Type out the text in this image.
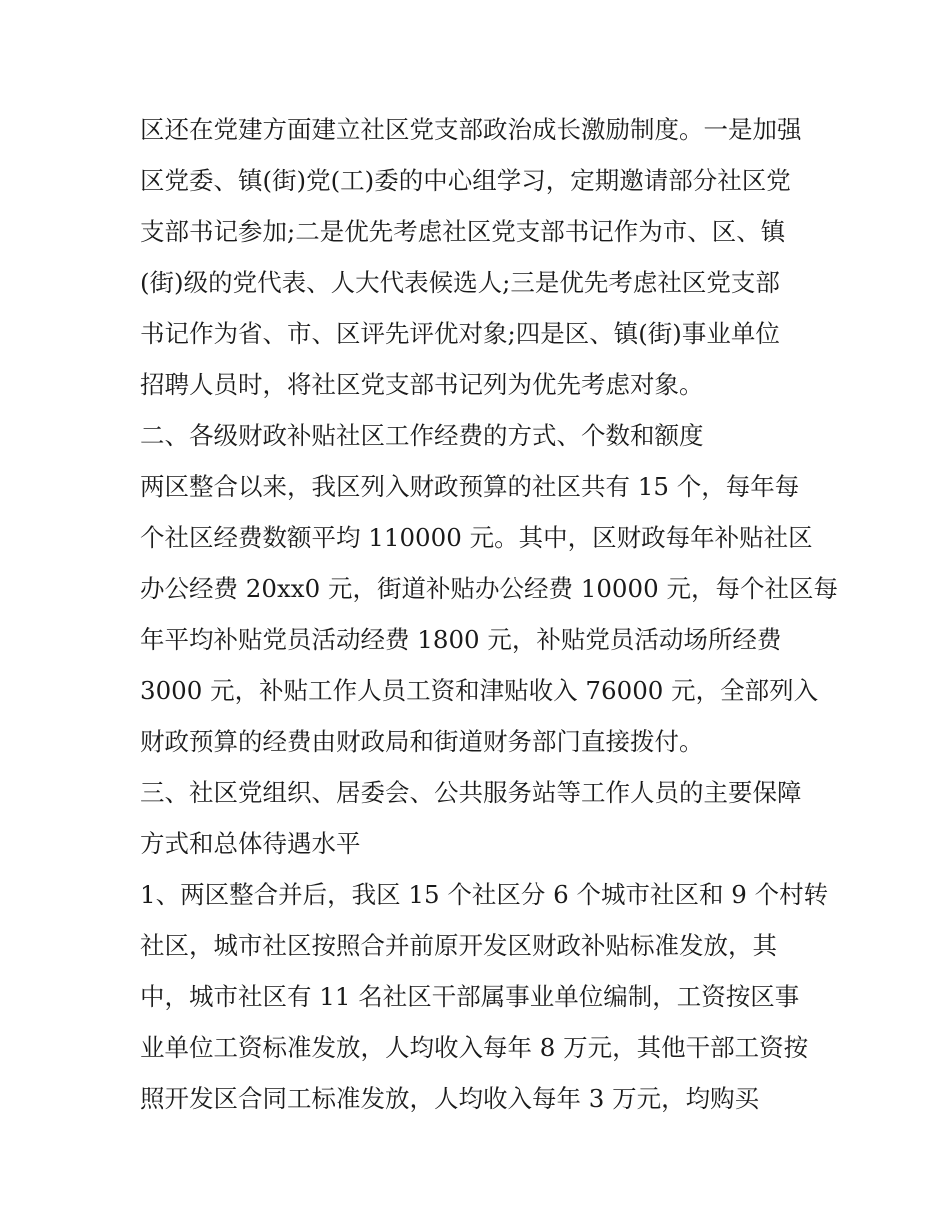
区还在党建方面建立社区党支部政治成长激励制度。一是加强
区党委、镇(街)党(工)委的中心组学习，定期邀请部分社区党
支部书记参加;二是优先考虑社区党支部书记作为市、区、镇
(街)级的党代表、人大代表候选人;三是优先考虑社区党支部
书记作为省、市、区评先评优对象;四是区、镇(街)事业单位
招聘人员时，将社区党支部书记列为优先考虑对象。
二、各级财政补贴社区工作经费的方式、个数和额度
两区整合以来，我区列入财政预算的社区共有 15 个，每年每
个社区经费数额平均 110000 元。其中，区财政每年补贴社区
办公经费 20xx0 元，街道补贴办公经费 10000 元，每个社区每
年平均补贴党员活动经费 1800 元，补贴党员活动场所经费
3000 元，补贴工作人员工资和津贴收入 76000 元，全部列入
财政预算的经费由财政局和街道财务部门直接拨付。
三、社区党组织、居委会、公共服务站等工作人员的主要保障
方式和总体待遇水平
1、两区整合并后，我区 15 个社区分 6 个城市社区和 9 个村转
社区，城市社区按照合并前原开发区财政补贴标准发放，其
中，城市社区有 11 名社区干部属事业单位编制，工资按区事
业单位工资标准发放，人均收入每年 8 万元，其他干部工资按
照开发区合同工标准发放，人均收入每年 3 万元，均购买
